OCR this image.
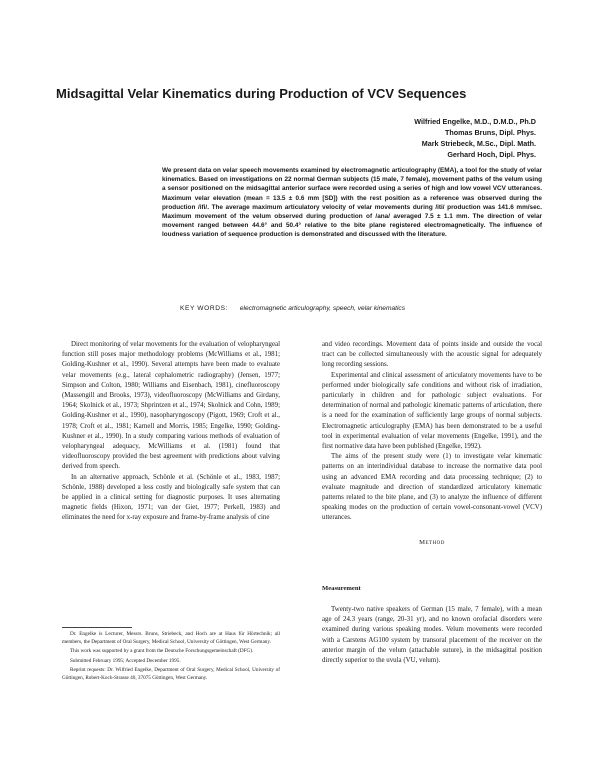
Midsagittal Velar Kinematics during Production of VCV Sequences
Wilfried Engelke, M.D., D.M.D., Ph.D
Thomas Bruns, Dipl. Phys.
Mark Striebeck, M.Sc., Dipl. Math.
Gerhard Hoch, Dipl. Phys.

We present data on velar speech movements examined by electromagnetic articulography (EMA), a tool for the study of velar kinematics. Based on investigations on 22 normal German subjects (15 male, 7 female), movement paths of the velum using a sensor positioned on the midsagittal anterior surface were recorded using a series of high and low vowel VCV utterances. Maximum velar elevation (mean = 13.5 ± 0.6 mm [SD]) with the rest position as a reference was observed during the production /ifi/. The average maximum articulatory velocity of velar movements during /iti/ production was 141.6 mm/sec. Maximum movement of the velum observed during production of /ana/ averaged 7.5 ± 1.1 mm. The direction of velar movement ranged between 44.6° and 50.4° relative to the bite plane registered electromagnetically. The influence of loudness variation of sequence production is demonstrated and discussed with the literature.

KEY WORDS: electromagnetic articulography, speech, velar kinematics

Direct monitoring of velar movements for the evaluation of velopharyngeal function still poses major methodology problems (McWilliams et al., 1981; Golding-Kushner et al., 1990). Several attempts have been made to evaluate velar movements (e.g., lateral cephalometric radiography) (Jensen, 1977; Simpson and Colton, 1980; Williams and Eisenbach, 1981), cinefluoroscopy (Massengill and Brooks, 1973), videofluoroscopy (McWilliams and Girdany, 1964; Skolnick et al., 1973; Shprintzen et al., 1974; Skolnick and Cohn, 1989; Golding-Kushner et al., 1990), nasopharyngoscopy (Pigott, 1969; Croft et al., 1978; Croft et al., 1981; Karnell and Morris, 1985; Engelke, 1990; Golding-Kushner et al., 1990). In a study comparing various methods of evaluation of velopharyngeal adequacy, McWilliams et al. (1981) found that videofluoroscopy provided the best agreement with predictions about valving derived from speech.

In an alternative approach, Schönle et al. (Schönle et al., 1983, 1987; Schönle, 1988) developed a less costly and biologically safe system that can be applied in a clinical setting for diagnostic purposes. It uses alternating magnetic fields (Hixon, 1971; van der Giet, 1977; Perkell, 1983) and eliminates the need for x-ray exposure and frame-by-frame analysis of cine

and video recordings. Movement data of points inside and outside the vocal tract can be collected simultaneously with the acoustic signal for adequately long recording sessions.

Experimental and clinical assessment of articulatory movements have to be performed under biologically safe conditions and without risk of irradiation, particularly in children and for pathologic subject evaluations. For determination of normal and pathologic kinematic patterns of articulation, there is a need for the examination of sufficiently large groups of normal subjects. Electromagnetic articulography (EMA) has been demonstrated to be a useful tool in experimental evaluation of velar movements (Engelke, 1991), and the first normative data have been published (Engelke, 1992).

The aims of the present study were (1) to investigate velar kinematic patterns on an interindividual database to increase the normative data pool using an advanced EMA recording and data processing technique; (2) to evaluate magnitude and direction of standardized articulatory kinematic patterns related to the bite plane, and (3) to analyze the influence of different speaking modes on the production of certain vowel-consonant-vowel (VCV) utterances.

Method
Measurement

Twenty-two native speakers of German (15 male, 7 female), with a mean age of 24.3 years (range, 20-31 yr), and no known orofacial disorders were examined during various speaking modes. Velum movements were recorded with a Carstens AG100 system by transoral placement of the receiver on the anterior margin of the velum (attachable suture), in the midsagittal position directly superior to the uvula (VU, velum).

Dr. Engelke is Lecturer, Messrs. Bruns, Striebeck, and Hoch are at Haus für Hörtechnik; all members, the Department of Oral Surgery, Medical School, University of Göttingen, West Germany.

This work was supported by a grant from the Deutsche Forschungsgemeinschaft (DFG).

Submitted February 1995; Accepted December 1995.

Reprint requests: Dr. Wilfried Engelke, Department of Oral Surgery, Medical School, University of Göttingen, Robert-Koch-Strasse 40, 37075 Göttingen, West Germany.
